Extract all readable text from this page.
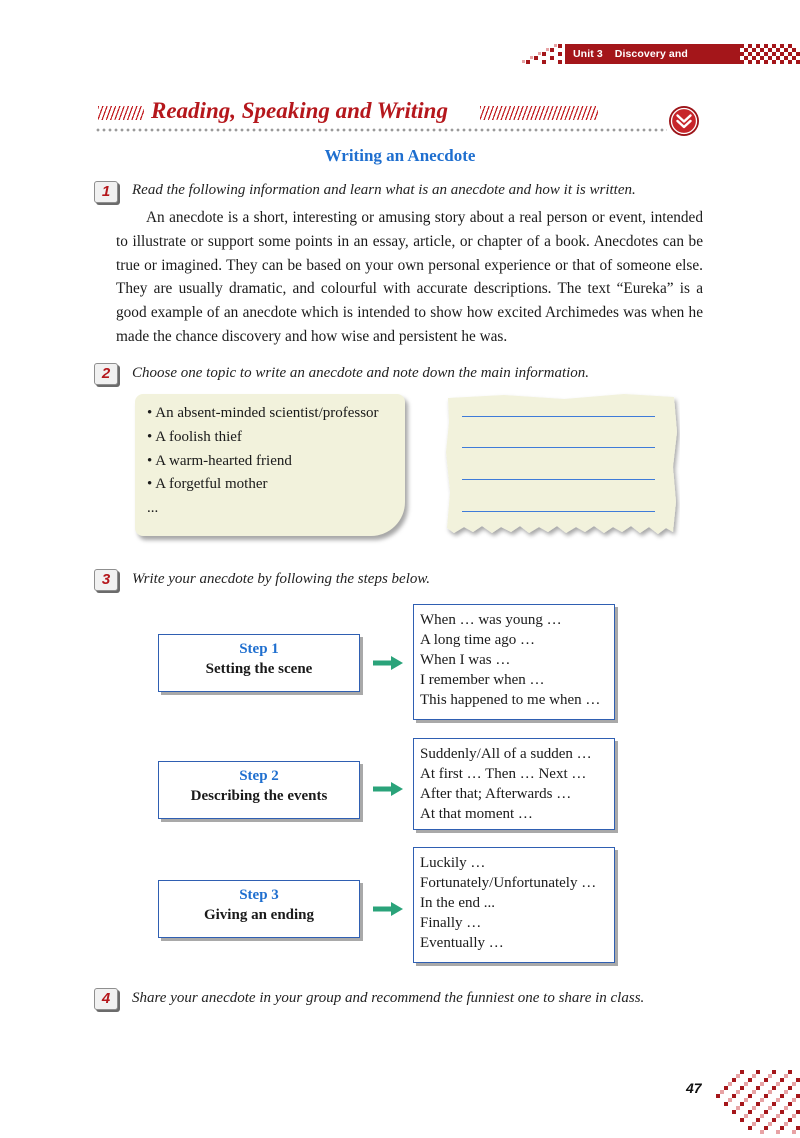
Unit 3 Discovery and Innovation
Reading, Speaking and Writing
Writing an Anecdote
1	Read the following information and learn what is an anecdote and how it is written.

An anecdote is a short, interesting or amusing story about a real person or event, intended to illustrate or support some points in an essay, article, or chapter of a book. Anecdotes can be true or imagined. They can be based on your own personal experience or that of someone else. They are usually dramatic, and colourful with accurate descriptions. The text “Eureka” is a good example of an anecdote which is intended to show how excited Archimedes was when he made the chance discovery and how wise and persistent he was.

2	Choose one topic to write an anecdote and note down the main information.

• An absent-minded scientist/professor
• A foolish thief
• A warm-hearted friend
• A forgetful mother
...
3	Write your anecdote by following the steps below.

Step 1
Setting the scene
When … was young …
A long time ago …
When I was …
I remember when …
This happened to me when …
Step 2
Describing the events
Suddenly/All of a sudden …
At first … Then … Next …
After that; Afterwards …
At that moment …
Step 3
Giving an ending
Luckily …
Fortunately/Unfortunately …
In the end ...
Finally …
Eventually …
4	Share your anecdote in your group and recommend the funniest one to share in class.

47
